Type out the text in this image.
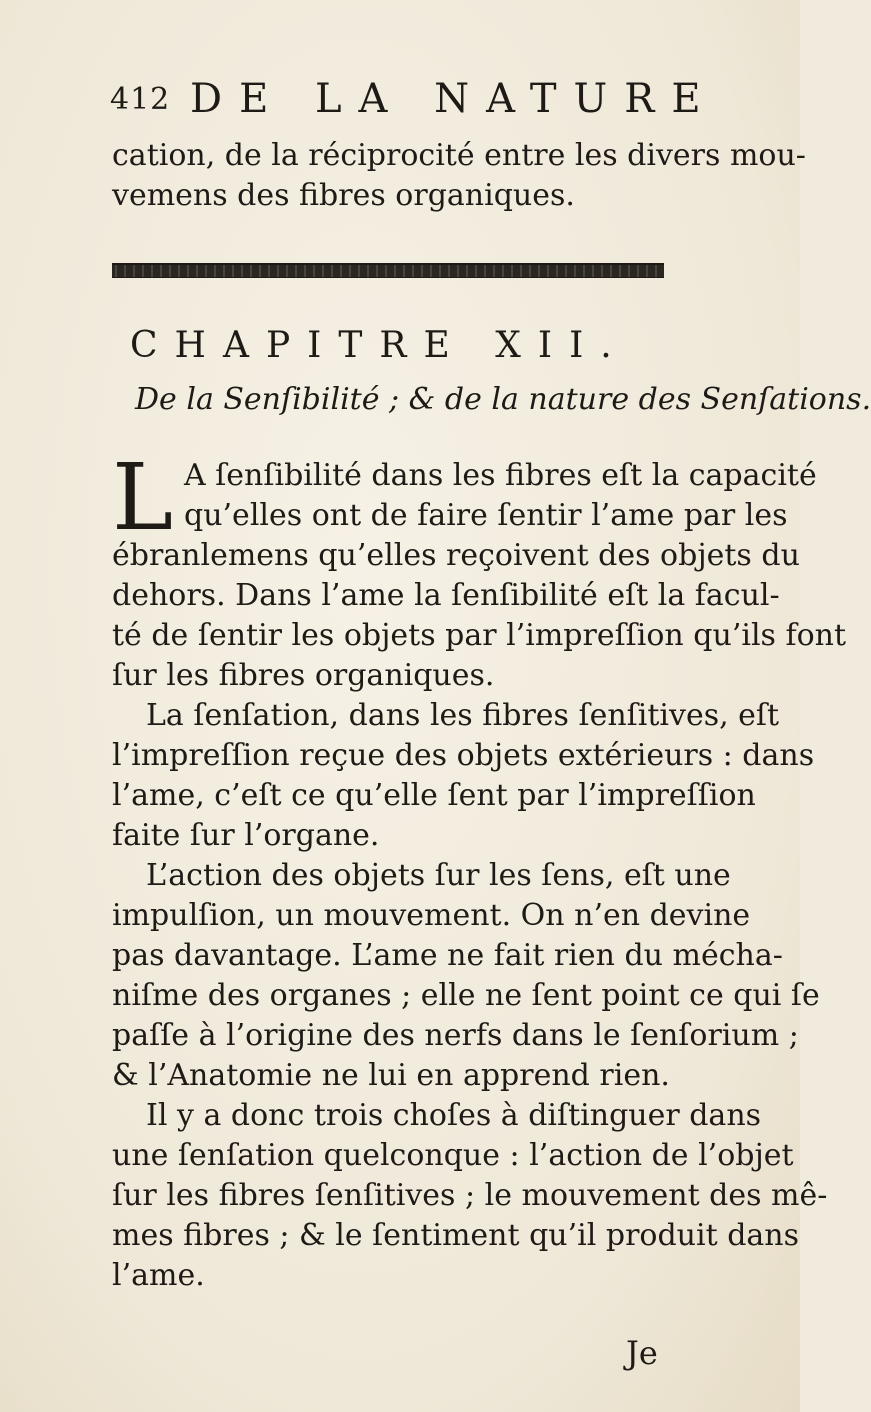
412 DE LA NATURE
cation, de la réciprocité entre les divers mou-
vemens des fibres organiques.
CHAPITRE XII.
De la Senſibilité ; & de la nature des Senſations.
L A ſenſibilité dans les fibres eſt la capacité
qu’elles ont de faire ſentir l’ame par les
ébranlemens qu’elles reçoivent des objets du
dehors. Dans l’ame la ſenſibilité eſt la facul-
té de ſentir les objets par l’impreſſion qu’ils font
ſur les fibres organiques.
La ſenſation, dans les fibres ſenſitives, eſt
l’impreſſion reçue des objets extérieurs : dans
l’ame, c’eſt ce qu’elle ſent par l’impreſſion
faite ſur l’organe.
L’action des objets ſur les ſens, eſt une
impulſion, un mouvement. On n’en devine
pas davantage. L’ame ne fait rien du mécha-
niſme des organes ; elle ne ſent point ce qui ſe
paſſe à l’origine des nerfs dans le ſenſorium ;
& l’Anatomie ne lui en apprend rien.
Il y a donc trois choſes à diſtinguer dans
une ſenſation quelconque : l’action de l’objet
ſur les fibres ſenſitives ; le mouvement des mê-
mes fibres ; & le ſentiment qu’il produit dans
l’ame.
Je
